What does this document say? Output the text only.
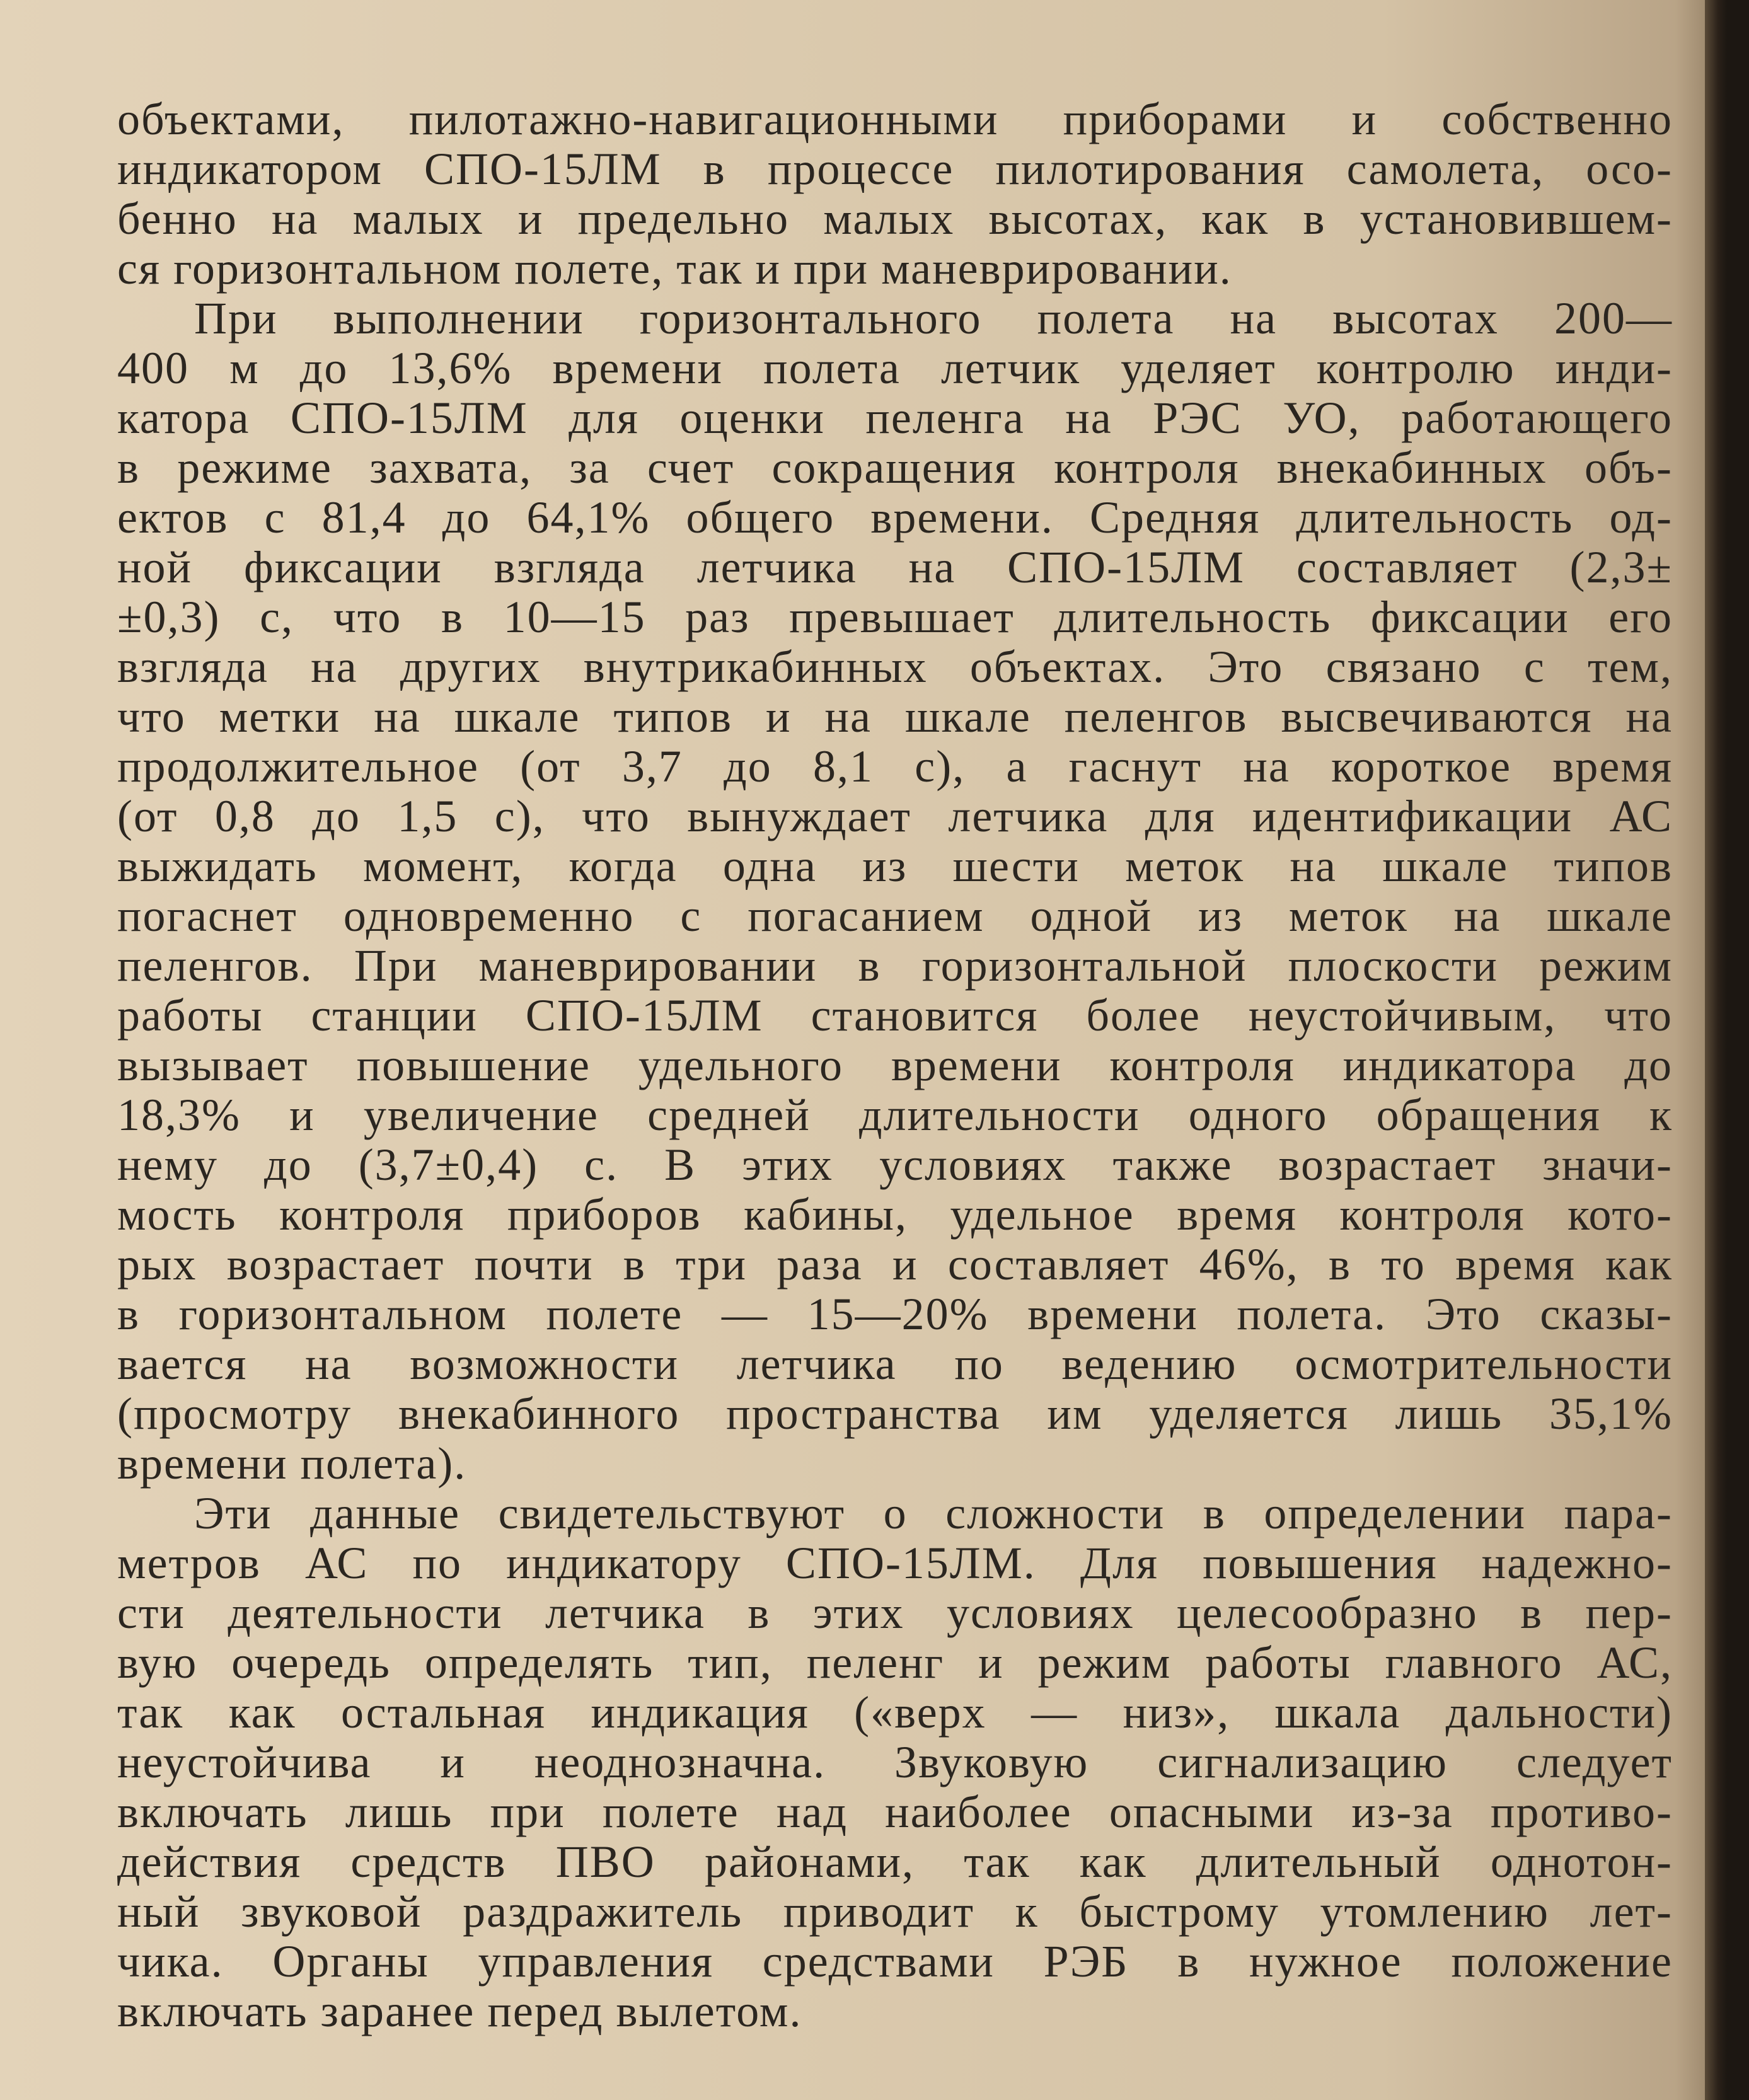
объектами, пилотажно-навигационными приборами и собственно
индикатором СПО-15ЛМ в процессе пилотирования самолета, осо-
бенно на малых и предельно малых высотах, как в установившем-
ся горизонтальном полете, так и при маневрировании.
При выполнении горизонтального полета на высотах 200—
400 м до 13,6% времени полета летчик уделяет контролю инди-
катора СПО-15ЛМ для оценки пеленга на РЭС УО, работающего
в режиме захвата, за счет сокращения контроля внекабинных объ-
ектов с 81,4 до 64,1% общего времени. Средняя длительность од-
ной фиксации взгляда летчика на СПО-15ЛМ составляет (2,3±
±0,3) с, что в 10—15 раз превышает длительность фиксации его
взгляда на других внутрикабинных объектах. Это связано с тем,
что метки на шкале типов и на шкале пеленгов высвечиваются на
продолжительное (от 3,7 до 8,1 с), а гаснут на короткое время
(от 0,8 до 1,5 с), что вынуждает летчика для идентификации АС
выжидать момент, когда одна из шести меток на шкале типов
погаснет одновременно с погасанием одной из меток на шкале
пеленгов. При маневрировании в горизонтальной плоскости режим
работы станции СПО-15ЛМ становится более неустойчивым, что
вызывает повышение удельного времени контроля индикатора до
18,3% и увеличение средней длительности одного обращения к
нему до (3,7±0,4) с. В этих условиях также возрастает значи-
мость контроля приборов кабины, удельное время контроля кото-
рых возрастает почти в три раза и составляет 46%, в то время как
в горизонтальном полете — 15—20% времени полета. Это сказы-
вается на возможности летчика по ведению осмотрительности
(просмотру внекабинного пространства им уделяется лишь 35,1%
времени полета).
Эти данные свидетельствуют о сложности в определении пара-
метров АС по индикатору СПО-15ЛМ. Для повышения надежно-
сти деятельности летчика в этих условиях целесообразно в пер-
вую очередь определять тип, пеленг и режим работы главного АС,
так как остальная индикация («верх — низ», шкала дальности)
неустойчива и неоднозначна. Звуковую сигнализацию следует
включать лишь при полете над наиболее опасными из-за противо-
действия средств ПВО районами, так как длительный однотон-
ный звуковой раздражитель приводит к быстрому утомлению лет-
чика. Органы управления средствами РЭБ в нужное положение
включать заранее перед вылетом.
